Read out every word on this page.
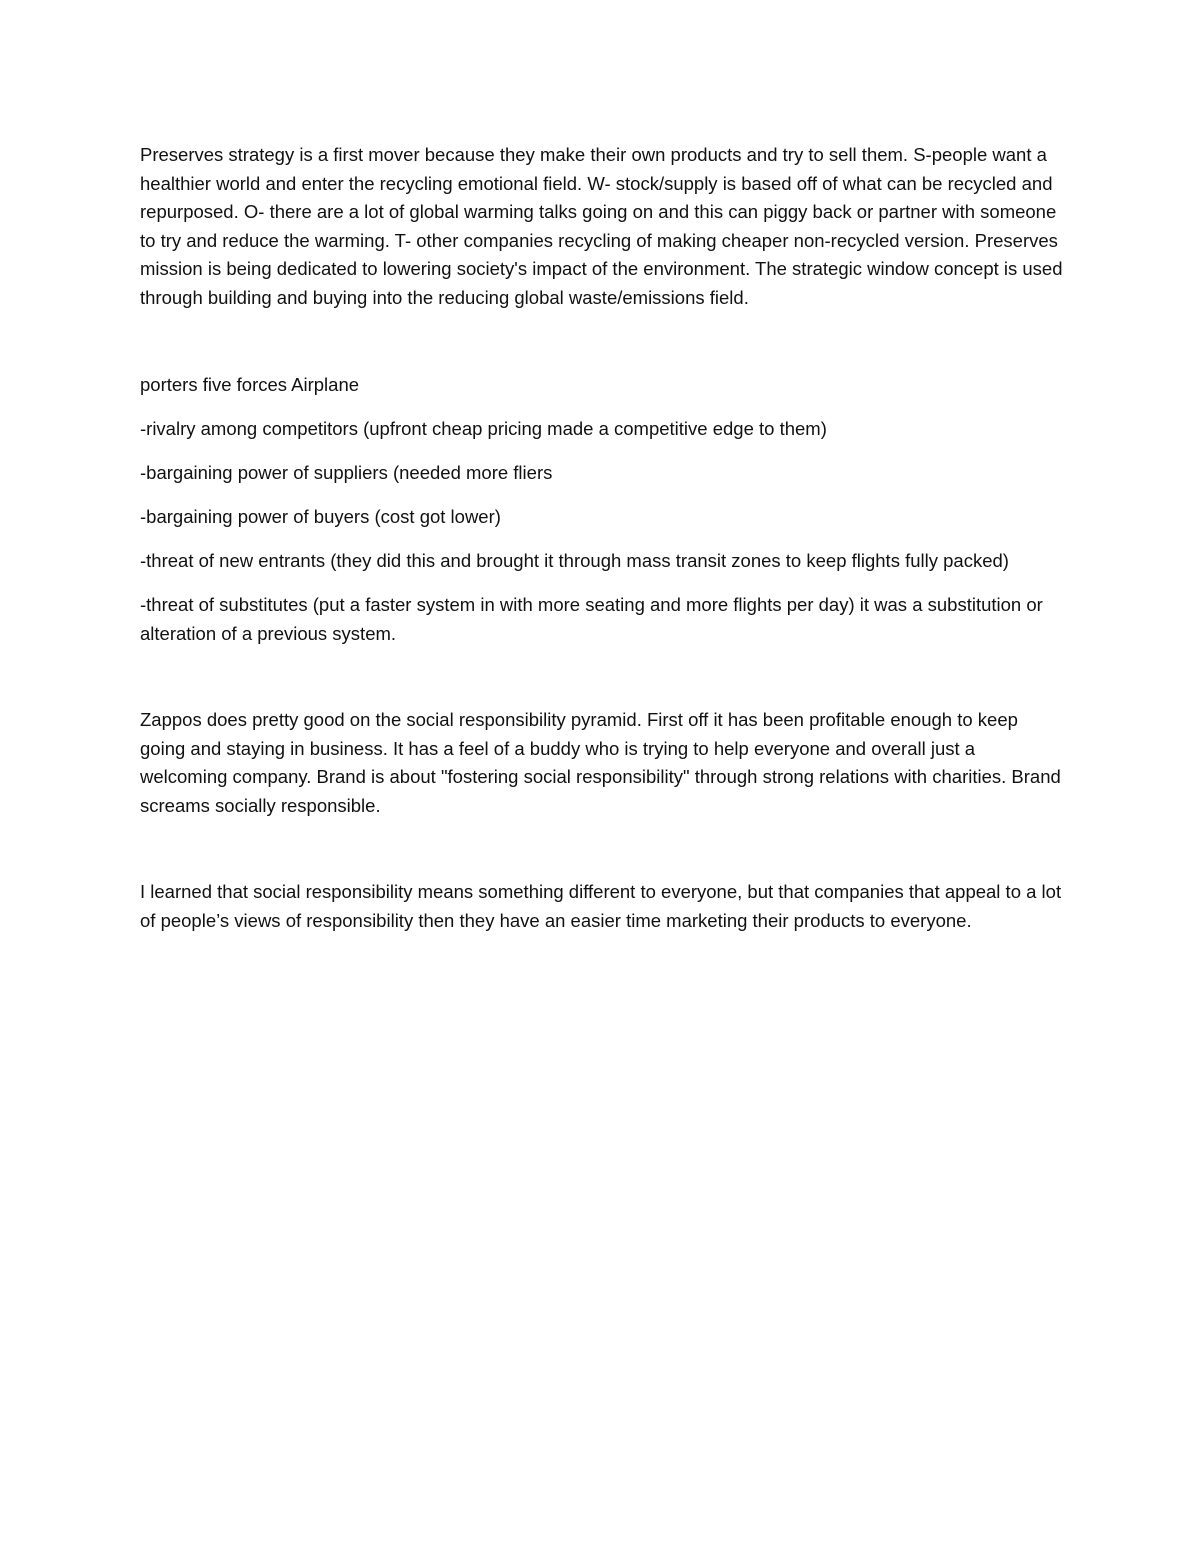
Preserves strategy is a first mover because they make their own products and try to sell them. S-people want a healthier world and enter the recycling emotional field. W- stock/supply is based off of what can be recycled and repurposed. O- there are a lot of global warming talks going on and this can piggy back or partner with someone to try and reduce the warming. T- other companies recycling of making cheaper non-recycled version. Preserves mission is being dedicated to lowering society's impact of the environment. The strategic window concept is used through building and buying into the reducing global waste/emissions field.

porters five forces Airplane

-rivalry among competitors (upfront cheap pricing made a competitive edge to them)

-bargaining power of suppliers (needed more fliers

-bargaining power of buyers (cost got lower)

-threat of new entrants (they did this and brought it through mass transit zones to keep flights fully packed)

-threat of substitutes (put a faster system in with more seating and more flights per day) it was a substitution or alteration of a previous system.

Zappos does pretty good on the social responsibility pyramid. First off it has been profitable enough to keep going and staying in business. It has a feel of a buddy who is trying to help everyone and overall just a welcoming company. Brand is about "fostering social responsibility" through strong relations with charities. Brand screams socially responsible.

I learned that social responsibility means something different to everyone, but that companies that appeal to a lot of people’s views of responsibility then they have an easier time marketing their products to everyone.
